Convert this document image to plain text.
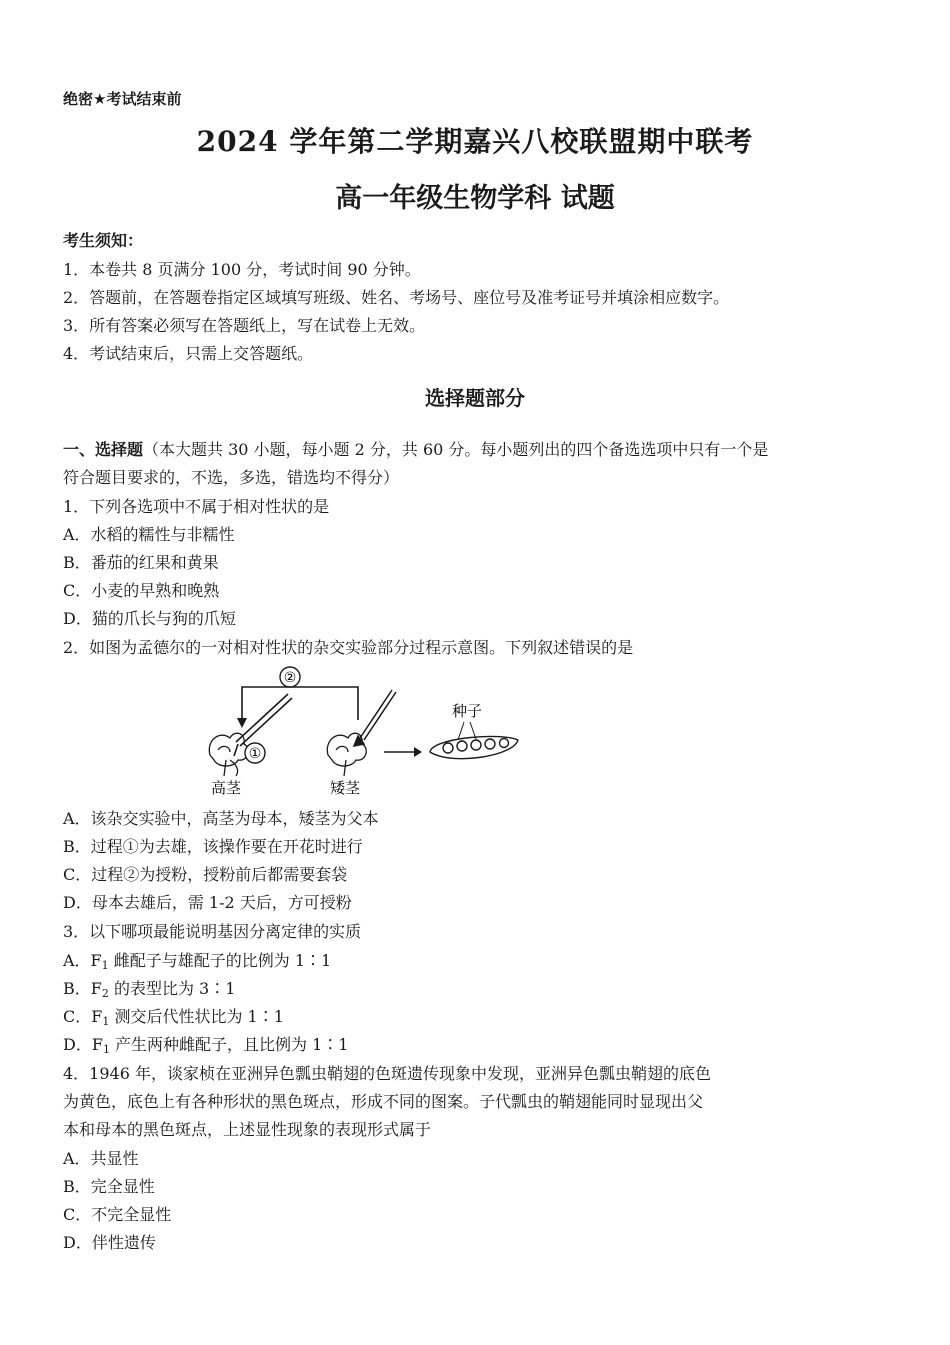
绝密★考试结束前
2024 学年第二学期嘉兴八校联盟期中联考
高一年级生物学科 试题
考生须知：
1．本卷共 8 页满分 100 分，考试时间 90 分钟。
2．答题前，在答题卷指定区域填写班级、姓名、考场号、座位号及准考证号并填涂相应数字。
3．所有答案必须写在答题纸上，写在试卷上无效。
4．考试结束后，只需上交答题纸。
选择题部分
一、选择题（本大题共 30 小题，每小题 2 分，共 60 分。每小题列出的四个备选选项中只有一个是
符合题目要求的，不选，多选，错选均不得分）
1．下列各选项中不属于相对性状的是
A．水稻的糯性与非糯性
B．番茄的红果和黄果
C．小麦的早熟和晚熟
D．猫的爪长与狗的爪短
2．如图为孟德尔的一对相对性状的杂交实验部分过程示意图。下列叙述错误的是
②
①
种子
高茎	矮茎
A．该杂交实验中，高茎为母本，矮茎为父本
B．过程①为去雄，该操作要在开花时进行
C．过程②为授粉，授粉前后都需要套袋
D．母本去雄后，需 1-2 天后，方可授粉
3．以下哪项最能说明基因分离定律的实质
A．$F_1$ 雌配子与雄配子的比例为 1∶1
B．$F_2$ 的表型比为 3∶1
C．$F_1$ 测交后代性状比为 1∶1
D．$F_1$ 产生两种雌配子，且比例为 1∶1
4．1946 年，谈家桢在亚洲异色瓢虫鞘翅的色斑遗传现象中发现，亚洲异色瓢虫鞘翅的底色
为黄色，底色上有各种形状的黑色斑点，形成不同的图案。子代瓢虫的鞘翅能同时显现出父
本和母本的黑色斑点，上述显性现象的表现形式属于
A．共显性
B．完全显性
C．不完全显性
D．伴性遗传
